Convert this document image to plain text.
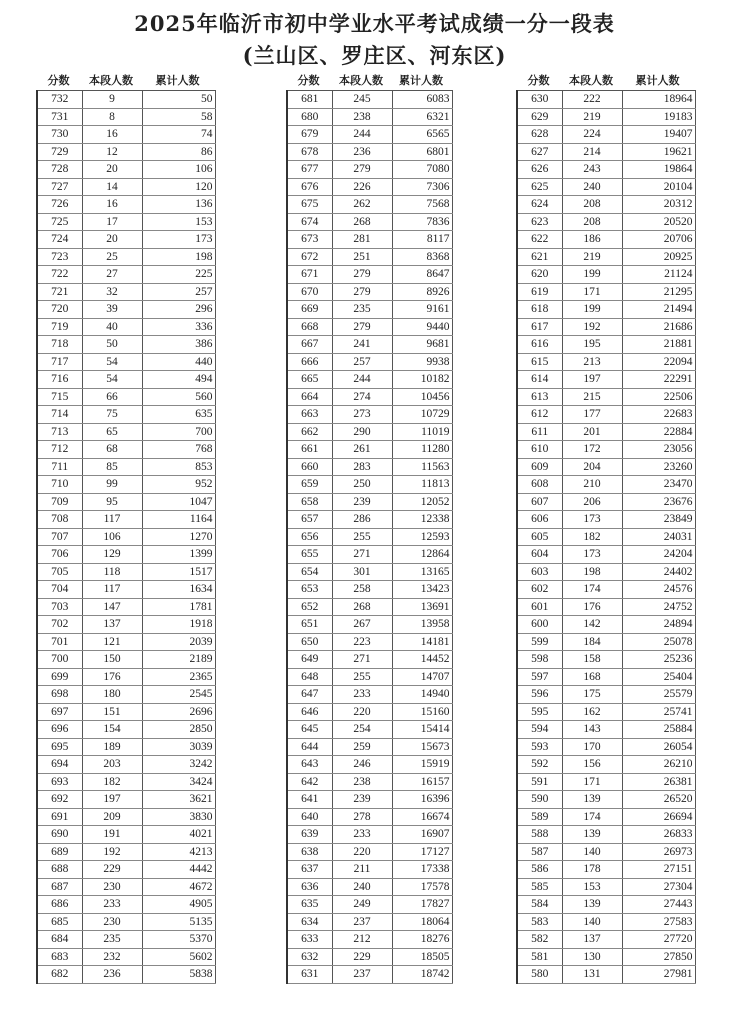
2025年临沂市初中学业水平考试成绩一分一段表
(兰山区、罗庄区、河东区)
分数	本段人数	累计人数
732	9	50
731	8	58
730	16	74
729	12	86
728	20	106
727	14	120
726	16	136
725	17	153
724	20	173
723	25	198
722	27	225
721	32	257
720	39	296
719	40	336
718	50	386
717	54	440
716	54	494
715	66	560
714	75	635
713	65	700
712	68	768
711	85	853
710	99	952
709	95	1047
708	117	1164
707	106	1270
706	129	1399
705	118	1517
704	117	1634
703	147	1781
702	137	1918
701	121	2039
700	150	2189
699	176	2365
698	180	2545
697	151	2696
696	154	2850
695	189	3039
694	203	3242
693	182	3424
692	197	3621
691	209	3830
690	191	4021
689	192	4213
688	229	4442
687	230	4672
686	233	4905
685	230	5135
684	235	5370
683	232	5602
682	236	5838
分数	本段人数	累计人数
681	245	6083
680	238	6321
679	244	6565
678	236	6801
677	279	7080
676	226	7306
675	262	7568
674	268	7836
673	281	8117
672	251	8368
671	279	8647
670	279	8926
669	235	9161
668	279	9440
667	241	9681
666	257	9938
665	244	10182
664	274	10456
663	273	10729
662	290	11019
661	261	11280
660	283	11563
659	250	11813
658	239	12052
657	286	12338
656	255	12593
655	271	12864
654	301	13165
653	258	13423
652	268	13691
651	267	13958
650	223	14181
649	271	14452
648	255	14707
647	233	14940
646	220	15160
645	254	15414
644	259	15673
643	246	15919
642	238	16157
641	239	16396
640	278	16674
639	233	16907
638	220	17127
637	211	17338
636	240	17578
635	249	17827
634	237	18064
633	212	18276
632	229	18505
631	237	18742
分数	本段人数	累计人数
630	222	18964
629	219	19183
628	224	19407
627	214	19621
626	243	19864
625	240	20104
624	208	20312
623	208	20520
622	186	20706
621	219	20925
620	199	21124
619	171	21295
618	199	21494
617	192	21686
616	195	21881
615	213	22094
614	197	22291
613	215	22506
612	177	22683
611	201	22884
610	172	23056
609	204	23260
608	210	23470
607	206	23676
606	173	23849
605	182	24031
604	173	24204
603	198	24402
602	174	24576
601	176	24752
600	142	24894
599	184	25078
598	158	25236
597	168	25404
596	175	25579
595	162	25741
594	143	25884
593	170	26054
592	156	26210
591	171	26381
590	139	26520
589	174	26694
588	139	26833
587	140	26973
586	178	27151
585	153	27304
584	139	27443
583	140	27583
582	137	27720
581	130	27850
580	131	27981
